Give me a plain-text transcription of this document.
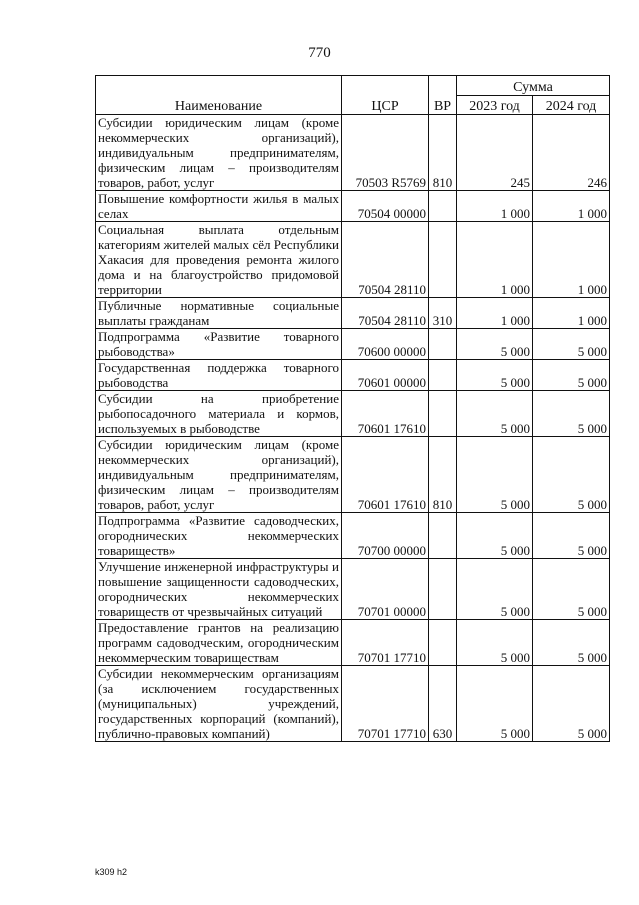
770
Наименование	ЦСР	ВР	Сумма	
			2023 год	2024 год
Субсидии юридическим лицам (кроме некоммерческих организаций), индивидуальным предпринимателям, физическим лицам – производителям товаров, работ, услуг	70503 R5769	810	245	246
Повышение комфортности жилья в малых селах	70504 00000		1 000	1 000
Социальная выплата отдельным категориям жителей малых сёл Республики Хакасия для проведения ремонта жилого дома и на благоустройство придомовой территории	70504 28110		1 000	1 000
Публичные нормативные социальные выплаты гражданам	70504 28110	310	1 000	1 000
Подпрограмма «Развитие товарного рыбоводства»	70600 00000		5 000	5 000
Государственная поддержка товарного рыбоводства	70601 00000		5 000	5 000
Субсидии на приобретение рыбопосадочного материала и кормов, используемых в рыбоводстве	70601 17610		5 000	5 000
Субсидии юридическим лицам (кроме некоммерческих организаций), индивидуальным предпринимателям, физическим лицам – производителям товаров, работ, услуг	70601 17610	810	5 000	5 000
Подпрограмма «Развитие садоводческих, огороднических некоммерческих товариществ»	70700 00000		5 000	5 000
Улучшение инженерной инфраструктуры и повышение защищенности садоводческих, огороднических некоммерческих товариществ от чрезвычайных ситуаций	70701 00000		5 000	5 000
Предоставление грантов на реализацию программ садоводческим, огородническим некоммерческим товариществам	70701 17710		5 000	5 000
Субсидии некоммерческим организациям (за исключением государственных (муниципальных) учреждений, государственных корпораций (компаний), публично-правовых компаний)	70701 17710	630	5 000	5 000
k309 h2
